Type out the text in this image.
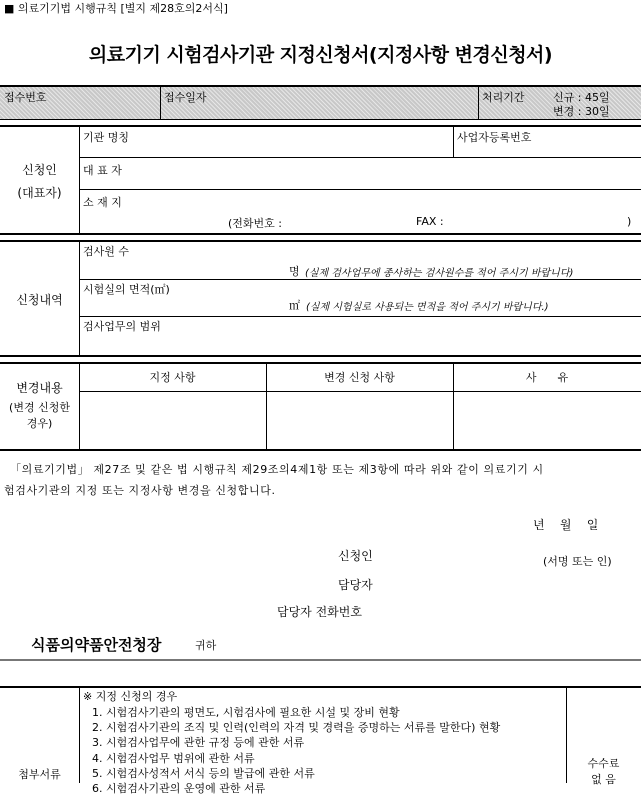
■ 의료기기법 시행규칙 [별지 제28호의2서식]
의료기기 시험검사기관 지정신청서(지정사항 변경신청서)
접수번호	접수일자	처리기간	신규 : 45일
변경 : 30일
신청인
(대표자)
기관 명칭	사업자등록번호
대 표 자
소 재 지
(전화번호 :	FAX :	)
신청내역
검사원 수
명 (실제 검사업무에 종사하는 검사원수를 적어 주시기 바랍니다)
시험실의 면적(㎡)
㎡ (실제 시험실로 사용되는 면적을 적어 주시기 바랍니다.)
검사업무의 범위
변경내용
(변경 신청한
경우)
지정 사항	변경 신청 사항	사      유
「의료기기법」 제27조 및 같은 법 시행규칙 제29조의4제1항 또는 제3항에 따라 위와 같이 의료기기 시
험검사기관의 지정 또는 지정사항 변경을 신청합니다.
년    월    일
신청인	(서명 또는 인)
담당자
담당자 전화번호
식품의약품안전청장	귀하
첨부서류
※ 지정 신청의 경우
1. 시험검사기관의 평면도, 시험검사에 필요한 시설 및 장비 현황
2. 시험검사기관의 조직 및 인력(인력의 자격 및 경력을 증명하는 서류를 말한다) 현황
3. 시험검사업무에 관한 규정 등에 관한 서류
4. 시험검사업무 범위에 관한 서류
5. 시험검사성적서 서식 등의 발급에 관한 서류
6. 시험검사기관의 운영에 관한 서류
수수료
없 음
